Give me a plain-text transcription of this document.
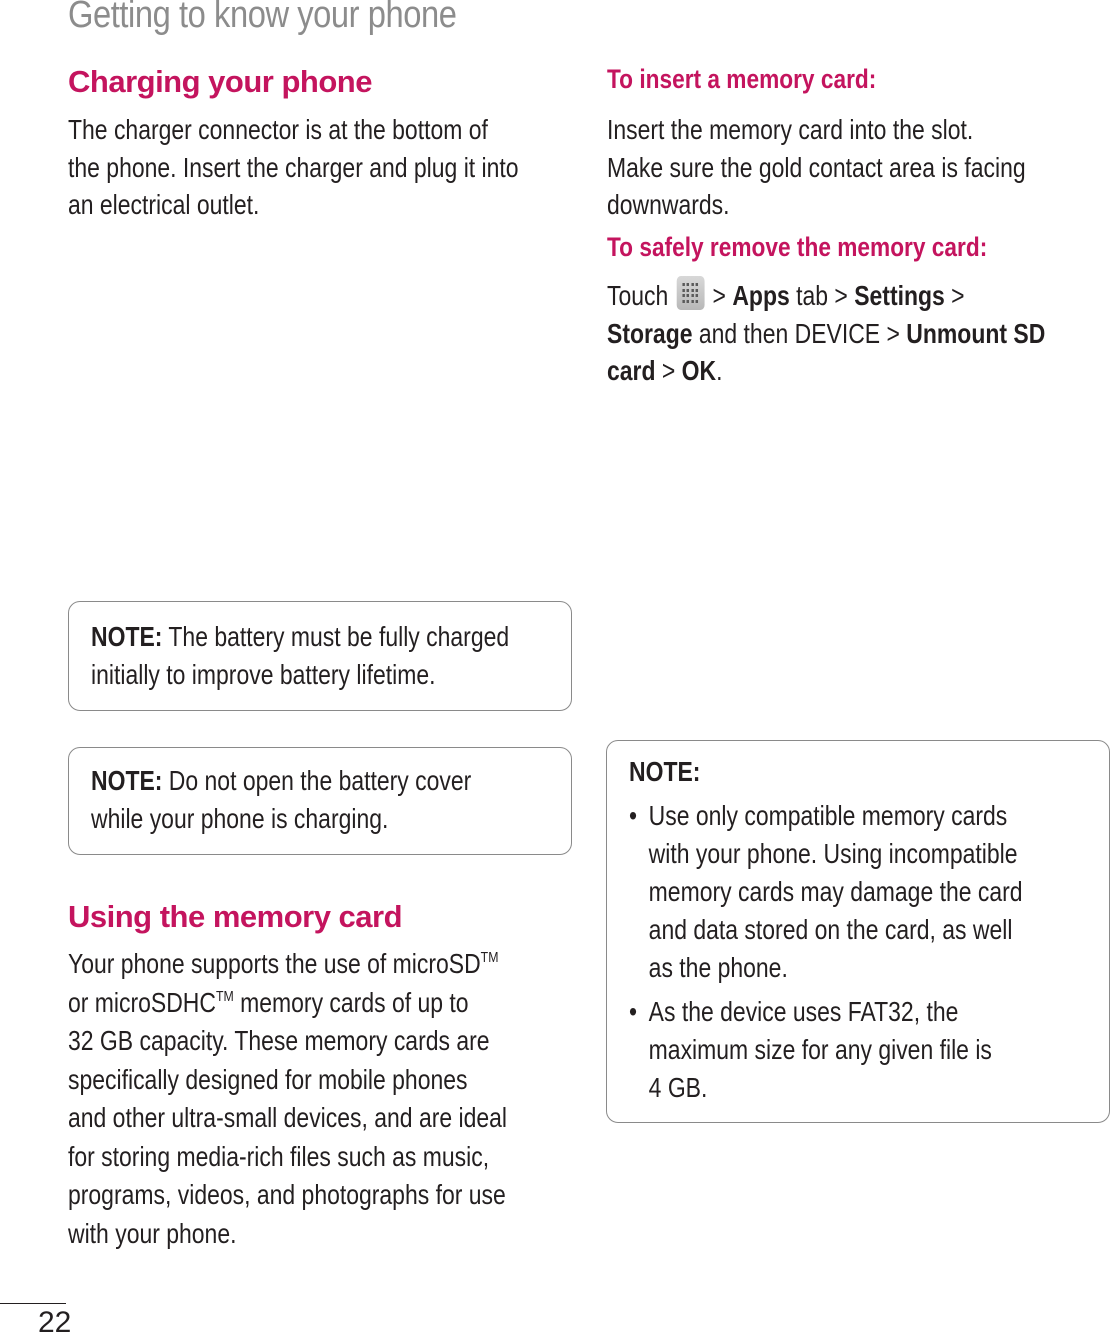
Getting to know your phone
Charging your phone
The charger connector is at the bottom of
the phone. Insert the charger and plug it into
an electrical outlet.
NOTE: The battery must be fully charged
initially to improve battery lifetime.
NOTE: Do not open the battery cover
while your phone is charging.
Using the memory card
Your phone supports the use of microSD™
or microSDHC™ memory cards of up to
32 GB capacity. These memory cards are
specifically designed for mobile phones
and other ultra-small devices, and are ideal
for storing media-rich files such as music,
programs, videos, and photographs for use
with your phone.
To insert a memory card:
Insert the memory card into the slot.
Make sure the gold contact area is facing
downwards.
To safely remove the memory card:
Touch > Apps tab > Settings >
Storage and then DEVICE > Unmount SD
card > OK.
NOTE:
• Use only compatible memory cards
with your phone. Using incompatible
memory cards may damage the card
and data stored on the card, as well
as the phone.
• As the device uses FAT32, the
maximum size for any given file is
4 GB.
22
